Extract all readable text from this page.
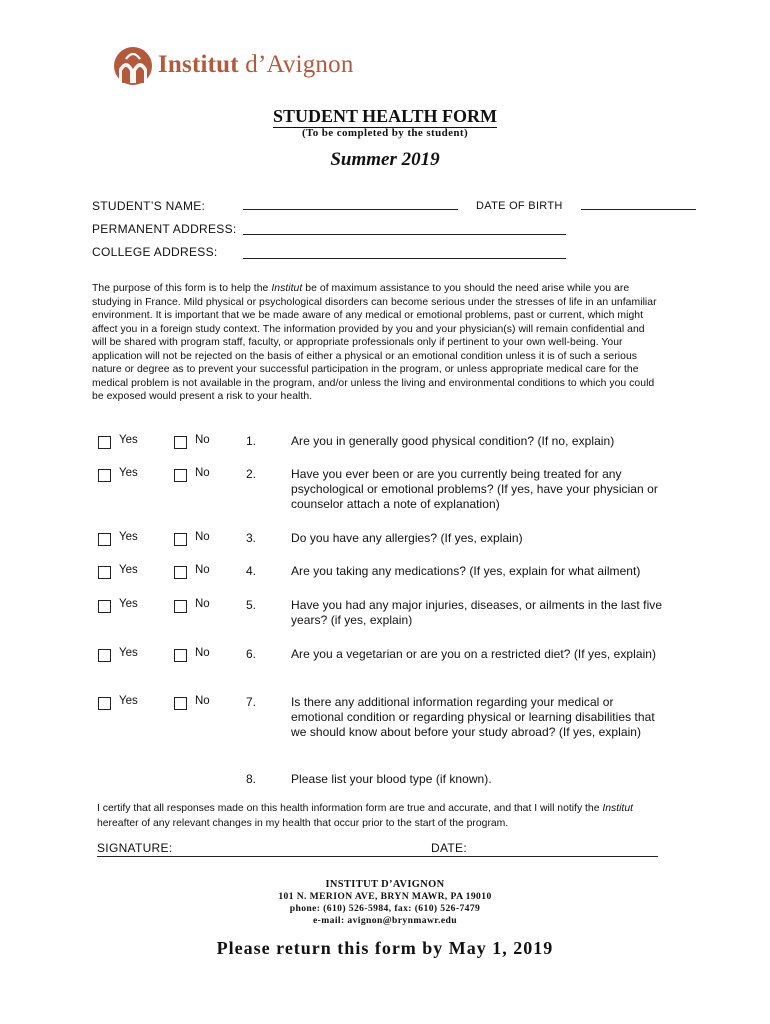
Institut d’Avignon
STUDENT HEALTH FORM
(To be completed by the student)
Summer 2019
STUDENT’S NAME:	DATE OF BIRTH
PERMANENT ADDRESS:
COLLEGE ADDRESS:
The purpose of this form is to help the Institut be of maximum assistance to you should the need arise while you are studying in France. Mild physical or psychological disorders can become serious under the stresses of life in an unfamiliar environment. It is important that we be made aware of any medical or emotional problems, past or current, which might affect you in a foreign study context. The information provided by you and your physician(s) will remain confidential and will be shared with program staff, faculty, or appropriate professionals only if pertinent to your own well-being. Your application will not be rejected on the basis of either a physical or an emotional condition unless it is of such a serious nature or degree as to prevent your successful participation in the program, or unless appropriate medical care for the medical problem is not available in the program, and/or unless the living and environmental conditions to which you could be exposed would present a risk to your health.
Yes	No	1.	Are you in generally good physical condition? (If no, explain)
Yes	No	2.	Have you ever been or are you currently being treated for any psychological or emotional problems? (If yes, have your physician or counselor attach a note of explanation)
Yes	No	3.	Do you have any allergies? (If yes, explain)
Yes	No	4.	Are you taking any medications? (If yes, explain for what ailment)
Yes	No	5.	Have you had any major injuries, diseases, or ailments in the last five years? (if yes, explain)
Yes	No	6.	Are you a vegetarian or are you on a restricted diet? (If yes, explain)
Yes	No	7.	Is there any additional information regarding your medical or emotional condition or regarding physical or learning disabilities that we should know about before your study abroad? (If yes, explain)
8.	Please list your blood type (if known).
I certify that all responses made on this health information form are true and accurate, and that I will notify the Institut hereafter of any relevant changes in my health that occur prior to the start of the program.
SIGNATURE:	DATE:
INSTITUT D’AVIGNON
101 N. MERION AVE, BRYN MAWR, PA 19010
phone: (610) 526-5984, fax: (610) 526-7479
e-mail: avignon@brynmawr.edu
Please return this form by May 1, 2019
